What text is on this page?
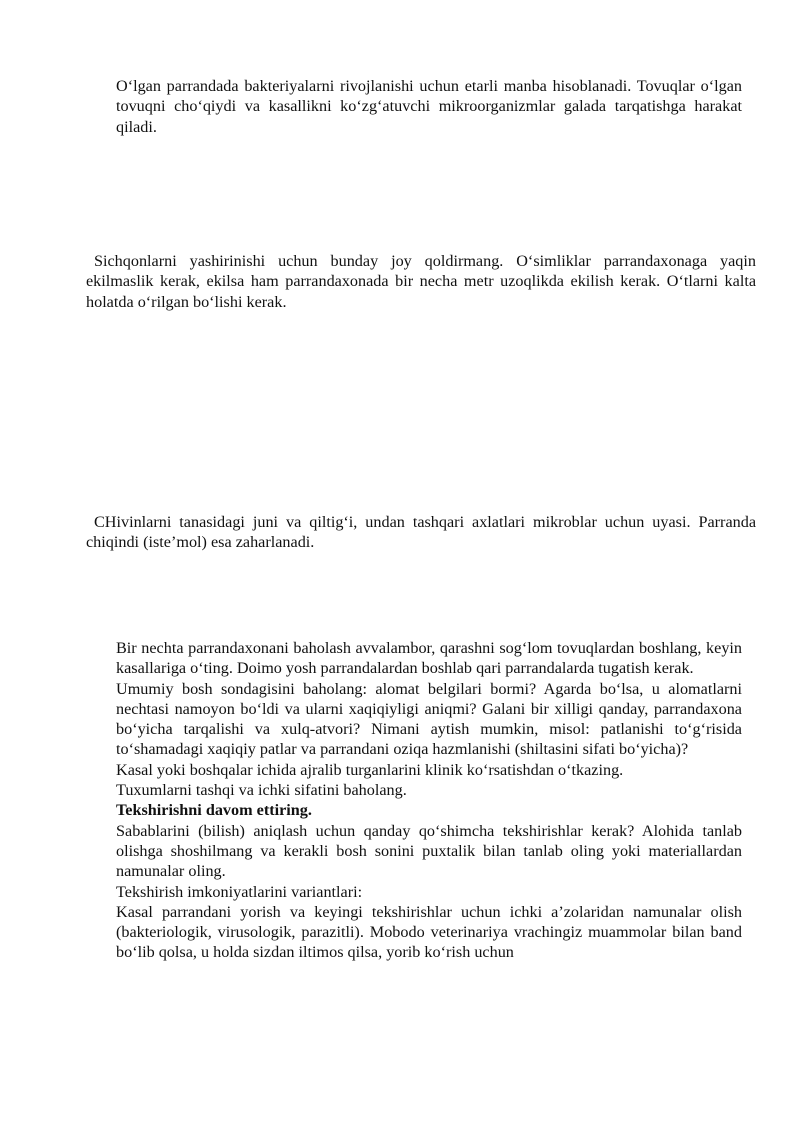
O‘lgan parrandada bakteriyalarni rivojlanishi uchun etarli manba hisoblanadi. Tovuqlar o‘lgan tovuqni cho‘qiydi va kasallikni ko‘zg‘atuvchi mikroorganizmlar galada tarqatishga harakat qiladi.

Sichqonlarni yashirinishi uchun bunday joy qoldirmang. O‘simliklar parrandaxonaga yaqin ekilmaslik kerak, ekilsa ham parrandaxonada bir necha metr uzoqlikda ekilish kerak. O‘tlarni kalta holatda o‘rilgan bo‘lishi kerak.

CHivinlarni tanasidagi juni va qiltig‘i, undan tashqari axlatlari mikroblar uchun uyasi. Parranda chiqindi (iste’mol) esa zaharlanadi.

Bir nechta parrandaxonani baholash avvalambor, qarashni sog‘lom tovuqlardan boshlang, keyin kasallariga o‘ting. Doimo yosh parrandalardan boshlab qari parrandalarda tugatish kerak.

Umumiy bosh sondagisini baholang: alomat belgilari bormi? Agarda bo‘lsa, u alomatlarni nechtasi namoyon bo‘ldi va ularni xaqiqiyligi aniqmi? Galani bir xilligi qanday, parrandaxona bo‘yicha tarqalishi va xulq-atvori? Nimani aytish mumkin, misol: patlanishi to‘g‘risida to‘shamadagi xaqiqiy patlar va parrandani oziqa hazmlanishi (shiltasini sifati bo‘yicha)?

Kasal yoki boshqalar ichida ajralib turganlarini klinik ko‘rsatishdan o‘tkazing.

Tuxumlarni tashqi va ichki sifatini baholang.

Tekshirishni davom ettiring.

Sabablarini (bilish) aniqlash uchun qanday qo‘shimcha tekshirishlar kerak? Alohida tanlab olishga shoshilmang va kerakli bosh sonini puxtalik bilan tanlab oling yoki materiallardan namunalar oling.

Tekshirish imkoniyatlarini variantlari:

Kasal parrandani yorish va keyingi tekshirishlar uchun ichki a’zolaridan namunalar olish (bakteriologik, virusologik, parazitli). Mobodo veterinariya vrachingiz muammolar bilan band bo‘lib qolsa, u holda sizdan iltimos qilsa, yorib ko‘rish uchun
